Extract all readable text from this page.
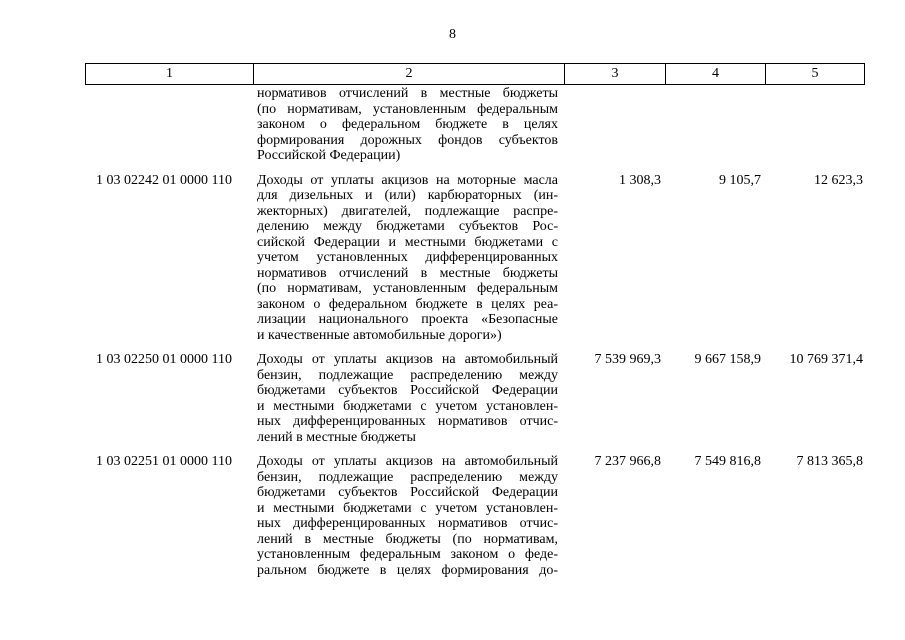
8
1	2	3	4	5
нормативов отчислений в местные бюджеты
(по нормативам, установленным федеральным
законом о федеральном бюджете в целях
формирования дорожных фондов субъектов
Российской Федерации)
1 03 02242 01 0000 110	Доходы от уплаты акцизов на моторные масла
для дизельных и (или) карбюраторных (ин-
жекторных) двигателей, подлежащие распре-
делению между бюджетами субъектов Рос-
сийской Федерации и местными бюджетами с
учетом установленных дифференцированных
нормативов отчислений в местные бюджеты
(по нормативам, установленным федеральным
законом о федеральном бюджете в целях реа-
лизации национального проекта «Безопасные
и качественные автомобильные дороги»)
1 308,3	9 105,7	12 623,3
1 03 02250 01 0000 110	Доходы от уплаты акцизов на автомобильный
бензин, подлежащие распределению между
бюджетами субъектов Российской Федерации
и местными бюджетами с учетом установлен-
ных дифференцированных нормативов отчис-
лений в местные бюджеты
7 539 969,3	9 667 158,9	10 769 371,4
1 03 02251 01 0000 110	Доходы от уплаты акцизов на автомобильный
бензин, подлежащие распределению между
бюджетами субъектов Российской Федерации
и местными бюджетами с учетом установлен-
ных дифференцированных нормативов отчис-
лений в местные бюджеты (по нормативам,
установленным федеральным законом о феде-
ральном бюджете в целях формирования до-
7 237 966,8	7 549 816,8	7 813 365,8
